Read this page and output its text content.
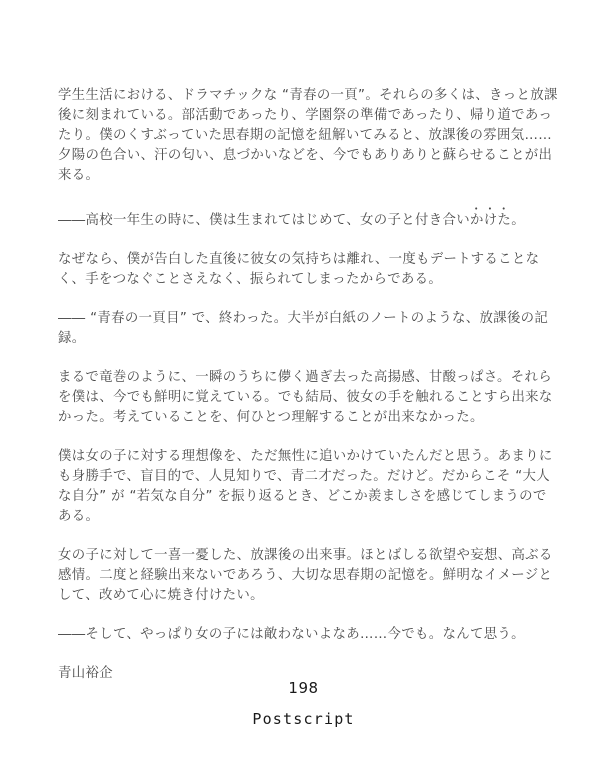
学生生活における、ドラマチックな “青春の一頁”。それらの多くは、きっと放課後に刻まれている。部活動であったり、学園祭の準備であったり、帰り道であったり。僕のくすぶっていた思春期の記憶を紐解いてみると、放課後の雰囲気……夕陽の色合い、汗の匂い、息づかいなどを、今でもありありと蘇らせることが出来る。

――高校一年生の時に、僕は生まれてはじめて、女の子と付き合いかけた。

なぜなら、僕が告白した直後に彼女の気持ちは離れ、一度もデートすることなく、手をつなぐことさえなく、振られてしまったからである。

―― “青春の一頁目” で、終わった。大半が白紙のノートのような、放課後の記録。

まるで竜巻のように、一瞬のうちに儚く過ぎ去った高揚感、甘酸っぱさ。それらを僕は、今でも鮮明に覚えている。でも結局、彼女の手を触れることすら出来なかった。考えていることを、何ひとつ理解することが出来なかった。

僕は女の子に対する理想像を、ただ無性に追いかけていたんだと思う。あまりにも身勝手で、盲目的で、人見知りで、青二才だった。だけど。だからこそ “大人な自分” が “若気な自分” を振り返るとき、どこか羨ましさを感じてしまうのである。

女の子に対して一喜一憂した、放課後の出来事。ほとばしる欲望や妄想、高ぶる感情。二度と経験出来ないであろう、大切な思春期の記憶を。鮮明なイメージとして、改めて心に焼き付けたい。

――そして、やっぱり女の子には敵わないよなあ……今でも。なんて思う。

青山裕企

198
Postscript
